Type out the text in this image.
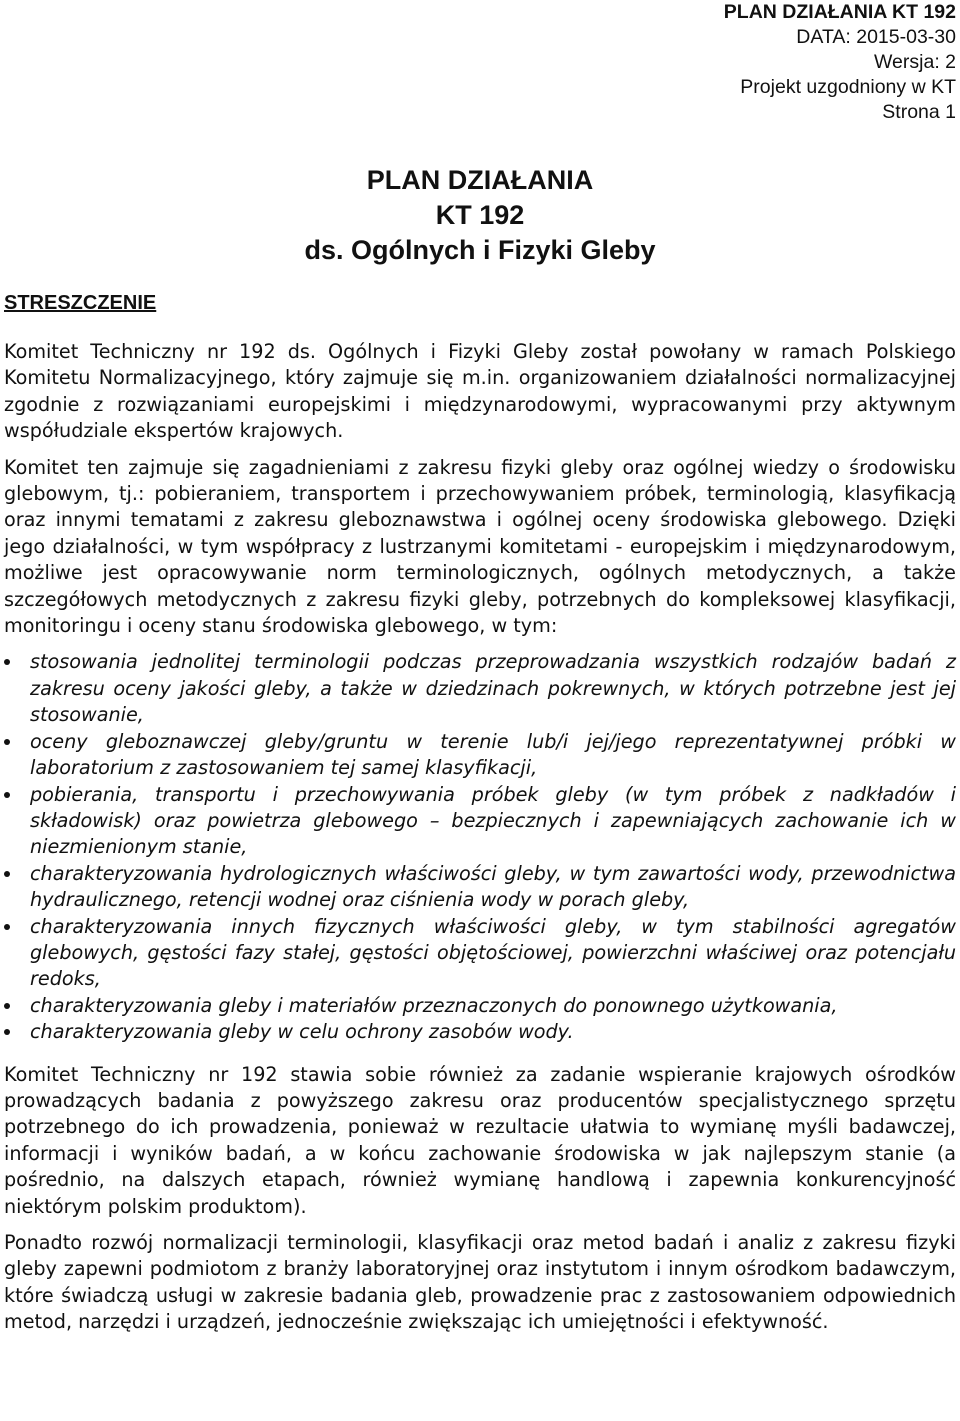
PLAN DZIAŁANIA KT 192
DATA: 2015-03-30
Wersja: 2
Projekt uzgodniony w KT
Strona 1
PLAN DZIAŁANIA
KT 192
ds. Ogólnych i Fizyki Gleby
STRESZCZENIE

Komitet Techniczny nr 192 ds. Ogólnych i Fizyki Gleby został powołany w ramach Polskiego Komitetu Normalizacyjnego, który zajmuje się m.in. organizowaniem działalności normalizacyjnej zgodnie z rozwiązaniami europejskimi i międzynarodowymi, wypracowanymi przy aktywnym współudziale ekspertów krajowych.

Komitet ten zajmuje się zagadnieniami z zakresu fizyki gleby oraz ogólnej wiedzy o środowisku glebowym, tj.: pobieraniem, transportem i przechowywaniem próbek, terminologią, klasyfikacją oraz innymi tematami z zakresu gleboznawstwa i ogólnej oceny środowiska glebowego. Dzięki jego działalności, w tym współpracy z lustrzanymi komitetami - europejskim i międzynarodowym, możliwe jest opracowywanie norm terminologicznych, ogólnych metodycznych, a także szczegółowych metodycznych z zakresu fizyki gleby, potrzebnych do kompleksowej klasyfikacji, monitoringu i oceny stanu środowiska glebowego, w tym:

stosowania jednolitej terminologii podczas przeprowadzania wszystkich rodzajów badań z zakresu oceny jakości gleby, a także w dziedzinach pokrewnych, w których potrzebne jest jej stosowanie,
oceny gleboznawczej gleby/gruntu w terenie lub/i jej/jego reprezentatywnej próbki w laboratorium z zastosowaniem tej samej klasyfikacji,
pobierania, transportu i przechowywania próbek gleby (w tym próbek z nadkładów i składowisk) oraz powietrza glebowego – bezpiecznych i zapewniających zachowanie ich w niezmienionym stanie,
charakteryzowania hydrologicznych właściwości gleby, w tym zawartości wody, przewodnictwa hydraulicznego, retencji wodnej oraz ciśnienia wody w porach gleby,
charakteryzowania innych fizycznych właściwości gleby, w tym stabilności agregatów glebowych, gęstości fazy stałej, gęstości objętościowej, powierzchni właściwej oraz potencjału redoks,
charakteryzowania gleby i materiałów przeznaczonych do ponownego użytkowania,
charakteryzowania gleby w celu ochrony zasobów wody.

Komitet Techniczny nr 192 stawia sobie również za zadanie wspieranie krajowych ośrodków prowadzących badania z powyższego zakresu oraz producentów specjalistycznego sprzętu potrzebnego do ich prowadzenia, ponieważ w rezultacie ułatwia to wymianę myśli badawczej, informacji i wyników badań, a w końcu zachowanie środowiska w jak najlepszym stanie (a pośrednio, na dalszych etapach, również wymianę handlową i zapewnia konkurencyjność niektórym polskim produktom).

Ponadto rozwój normalizacji terminologii, klasyfikacji oraz metod badań i analiz z zakresu fizyki gleby zapewni podmiotom z branży laboratoryjnej oraz instytutom i innym ośrodkom badawczym, które świadczą usługi w zakresie badania gleb, prowadzenie prac z zastosowaniem odpowiednich metod, narzędzi i urządzeń, jednocześnie zwiększając ich umiejętności i efektywność.
